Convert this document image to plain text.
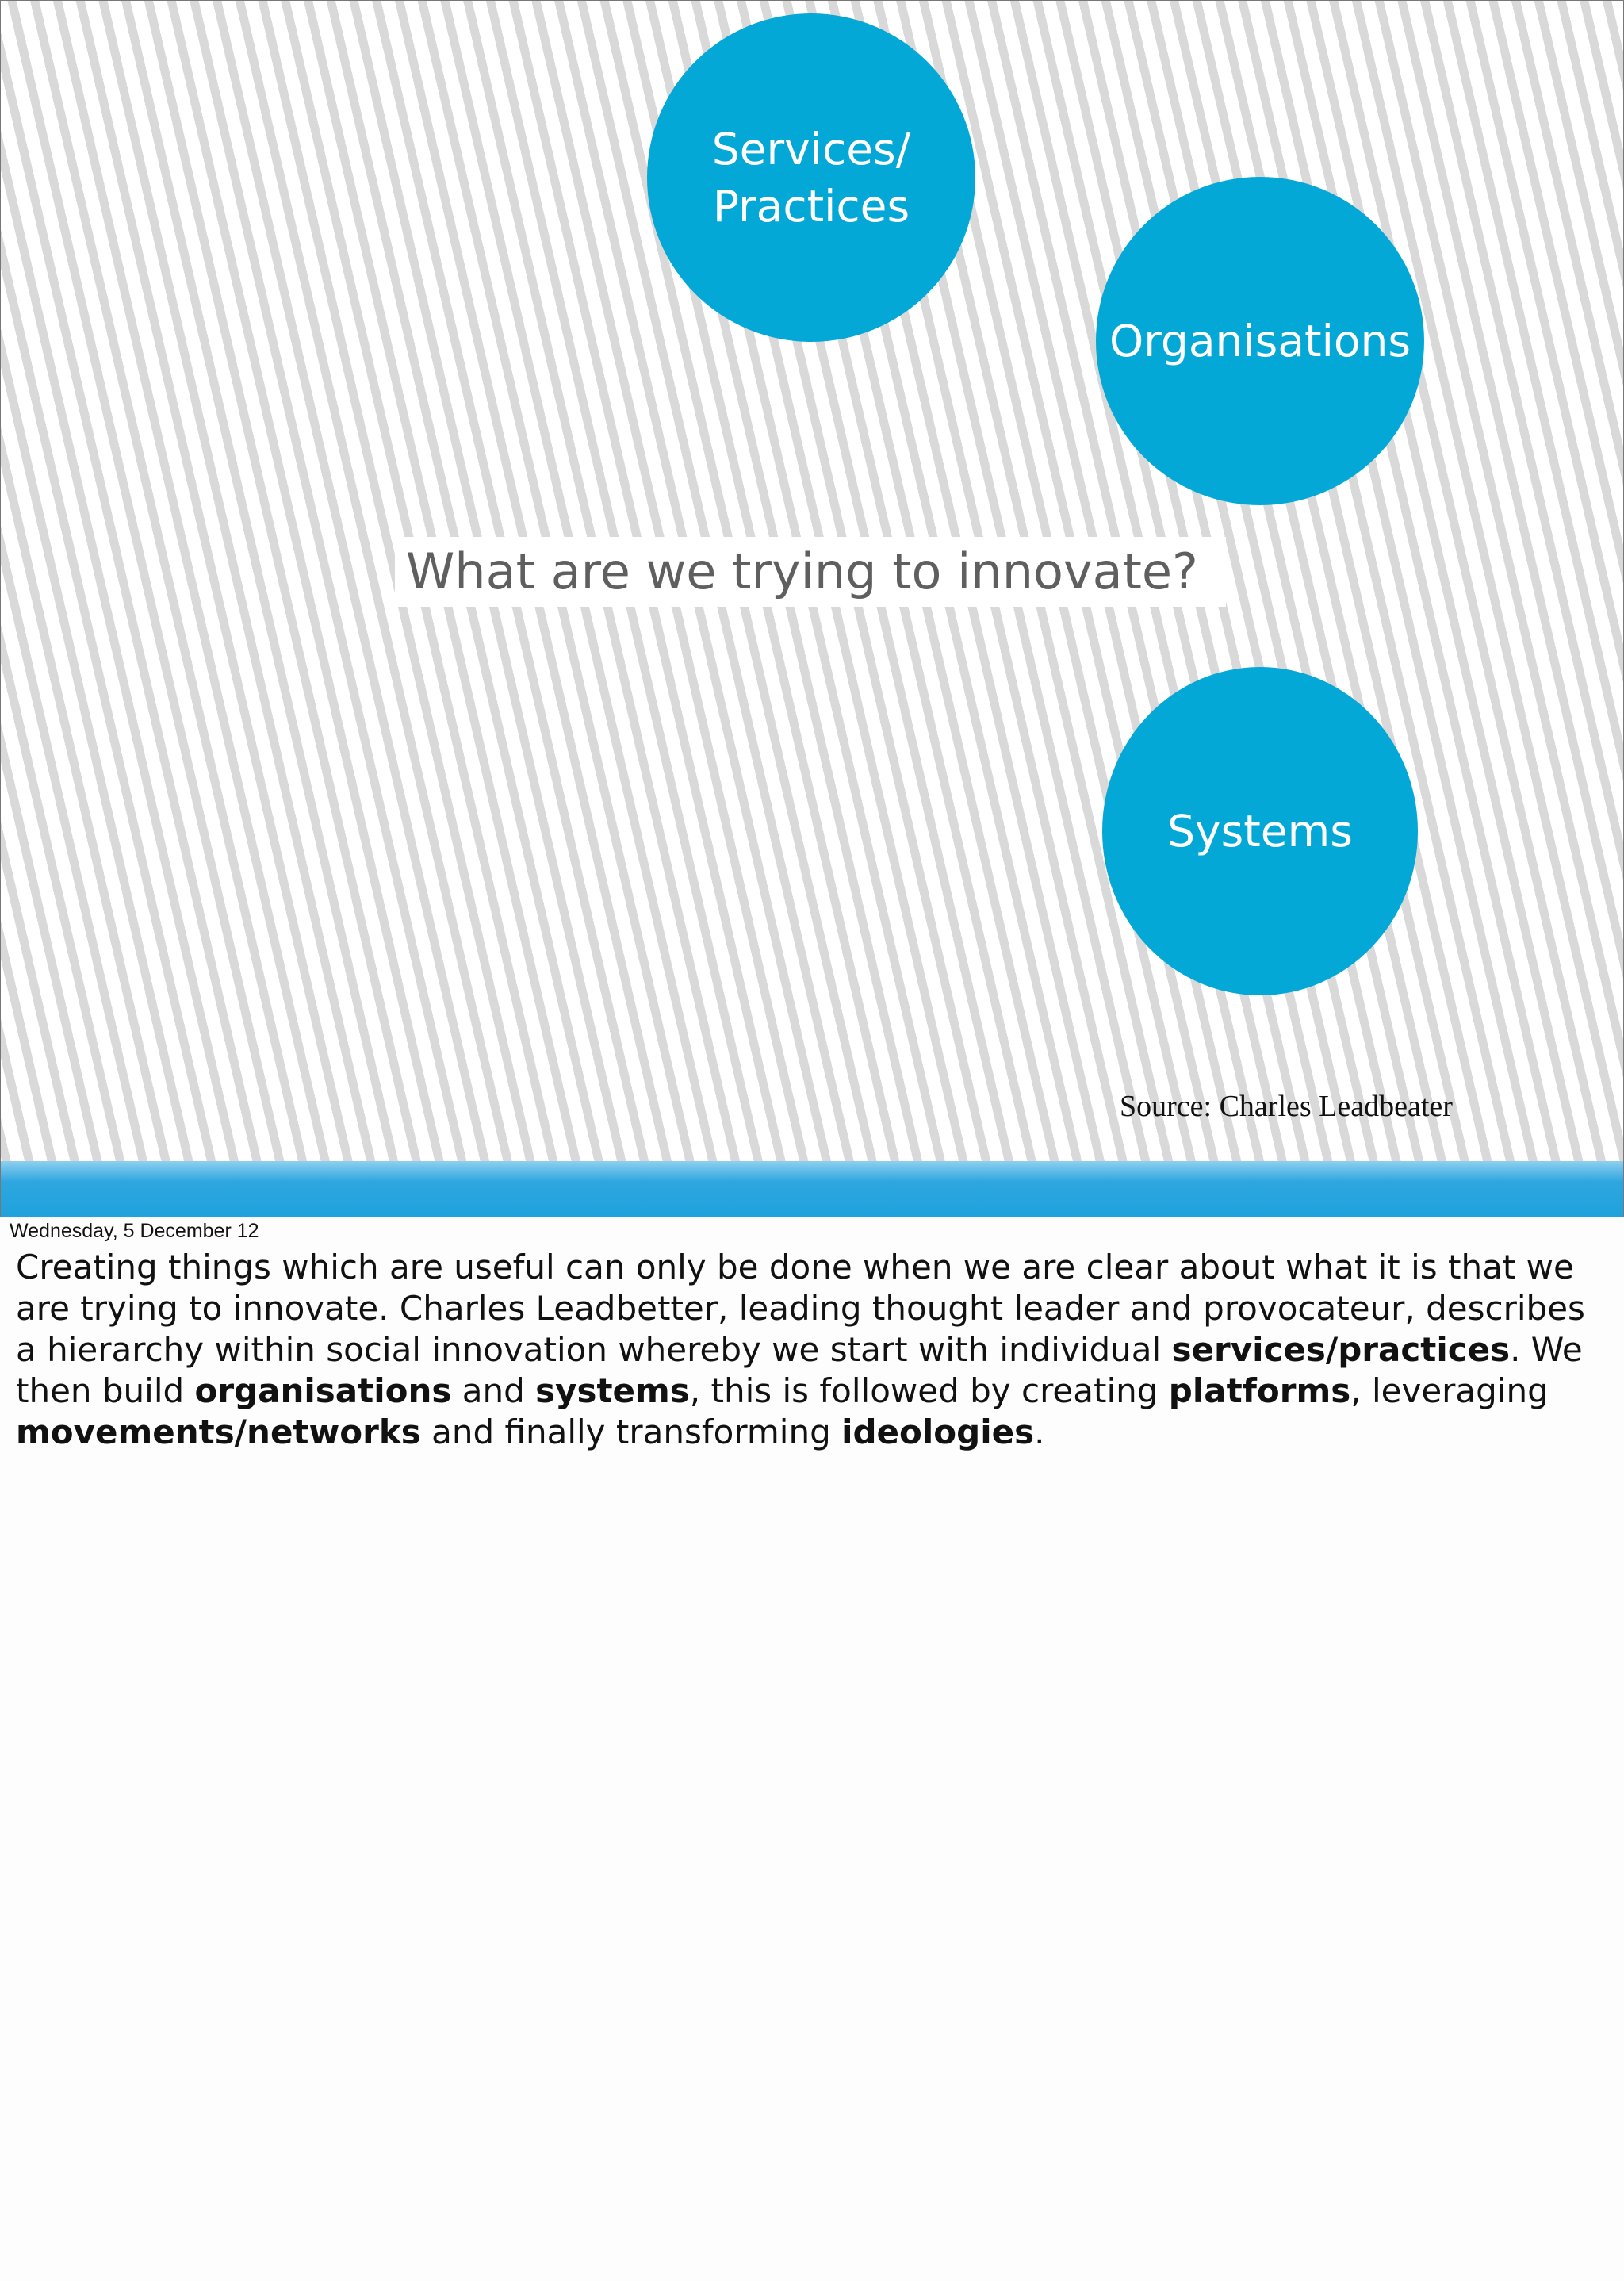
Services/
Practices
Organisations
What are we trying to innovate?
Systems
Source: Charles Leadbeater
Wednesday, 5 December 12

Creating things which are useful can only be done when we are clear about what it is that we are trying to innovate. Charles Leadbetter, leading thought leader and provocateur, describes a hierarchy within social innovation whereby we start with individual services/practices. We then build organisations and systems, this is followed by creating platforms, leveraging movements/networks and finally transforming ideologies.
